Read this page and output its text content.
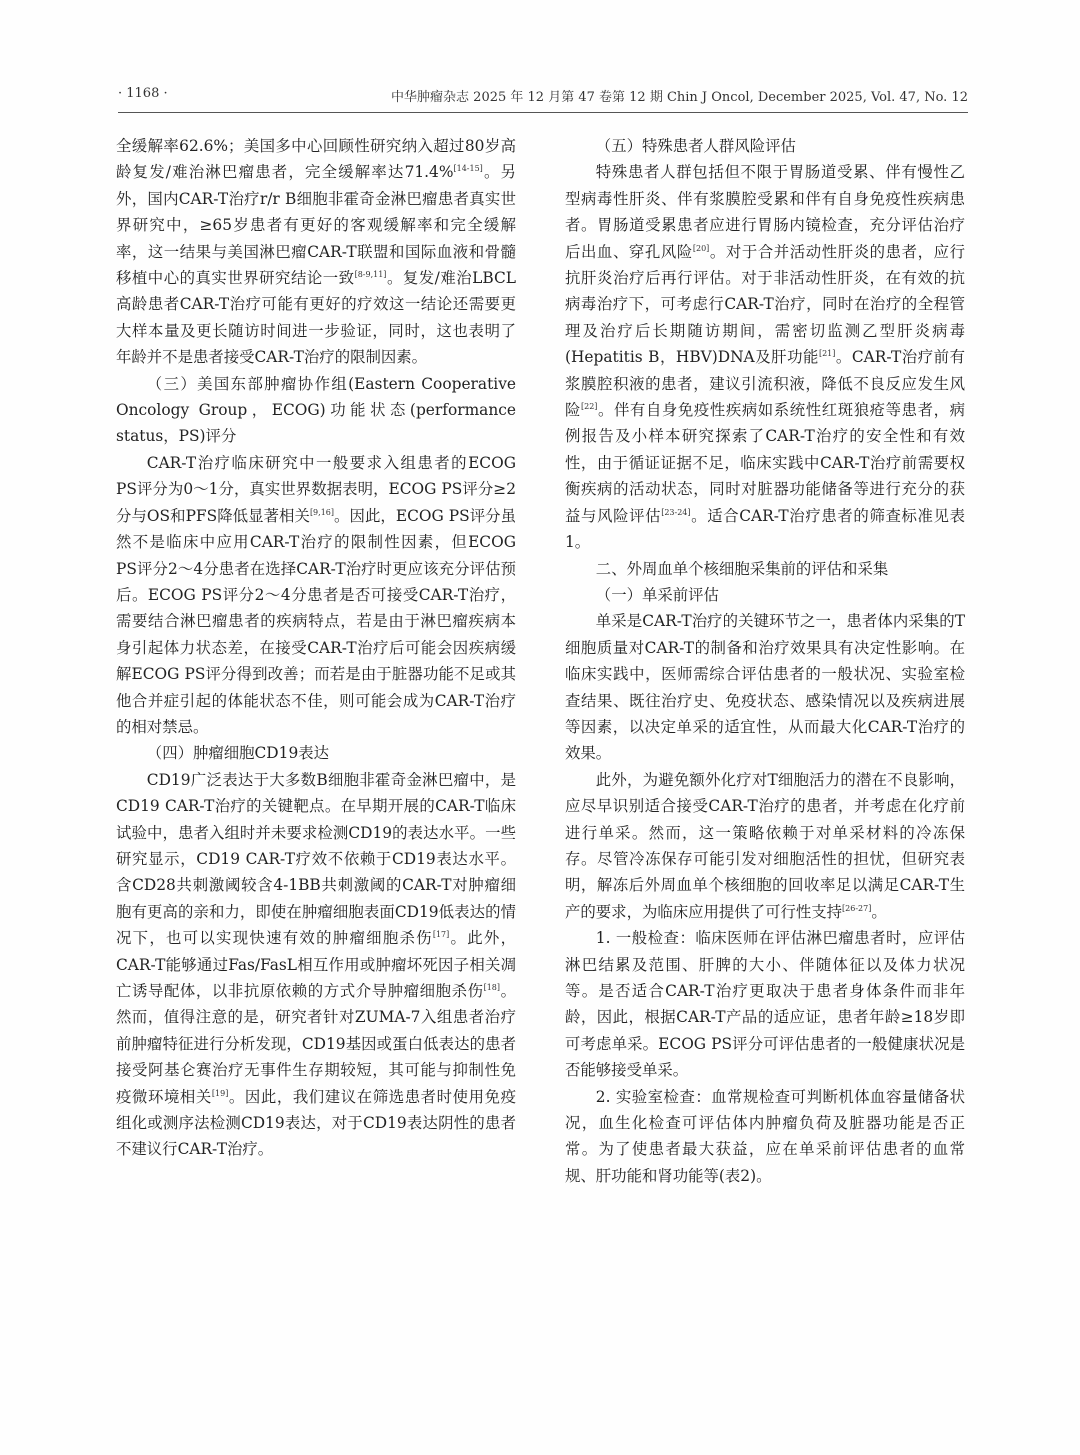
· 1168 ·	中华肿瘤杂志 2025 年 12 月第 47 卷第 12 期 Chin J Oncol, December 2025, Vol. 47, No. 12

全缓解率62.6%；美国多中心回顾性研究纳入超过80岁高龄复发/难治淋巴瘤患者，完全缓解率达71.4%[14-15]。另外，国内CAR-T治疗r/r B细胞非霍奇金淋巴瘤患者真实世界研究中，≥65岁患者有更好的客观缓解率和完全缓解率，这一结果与美国淋巴瘤CAR-T联盟和国际血液和骨髓移植中心的真实世界研究结论一致[8-9,11]。复发/难治LBCL高龄患者CAR-T治疗可能有更好的疗效这一结论还需要更大样本量及更长随访时间进一步验证，同时，这也表明了年龄并不是患者接受CAR-T治疗的限制因素。

（三）美国东部肿瘤协作组(Eastern Cooperative Oncology Group，ECOG)功能状态(performance status，PS)评分

CAR-T治疗临床研究中一般要求入组患者的ECOG PS评分为0～1分，真实世界数据表明，ECOG PS评分≥2分与OS和PFS降低显著相关[9,16]。因此，ECOG PS评分虽然不是临床中应用CAR-T治疗的限制性因素，但ECOG PS评分2～4分患者在选择CAR-T治疗时更应该充分评估预后。ECOG PS评分2～4分患者是否可接受CAR-T治疗，需要结合淋巴瘤患者的疾病特点，若是由于淋巴瘤疾病本身引起体力状态差，在接受CAR-T治疗后可能会因疾病缓解ECOG PS评分得到改善；而若是由于脏器功能不足或其他合并症引起的体能状态不佳，则可能会成为CAR-T治疗的相对禁忌。

（四）肿瘤细胞CD19表达

CD19广泛表达于大多数B细胞非霍奇金淋巴瘤中，是CD19 CAR-T治疗的关键靶点。在早期开展的CAR-T临床试验中，患者入组时并未要求检测CD19的表达水平。一些研究显示，CD19 CAR-T疗效不依赖于CD19表达水平。含CD28共刺激阈较含4-1BB共刺激阈的CAR-T对肿瘤细胞有更高的亲和力，即使在肿瘤细胞表面CD19低表达的情况下，也可以实现快速有效的肿瘤细胞杀伤[17]。此外，CAR-T能够通过Fas/FasL相互作用或肿瘤坏死因子相关凋亡诱导配体，以非抗原依赖的方式介导肿瘤细胞杀伤[18]。然而，值得注意的是，研究者针对ZUMA-7入组患者治疗前肿瘤特征进行分析发现，CD19基因或蛋白低表达的患者接受阿基仑赛治疗无事件生存期较短，其可能与抑制性免疫微环境相关[19]。因此，我们建议在筛选患者时使用免疫组化或测序法检测CD19表达，对于CD19表达阴性的患者不建议行CAR-T治疗。

（五）特殊患者人群风险评估

特殊患者人群包括但不限于胃肠道受累、伴有慢性乙型病毒性肝炎、伴有浆膜腔受累和伴有自身免疫性疾病患者。胃肠道受累患者应进行胃肠内镜检查，充分评估治疗后出血、穿孔风险[20]。对于合并活动性肝炎的患者，应行抗肝炎治疗后再行评估。对于非活动性肝炎，在有效的抗病毒治疗下，可考虑行CAR-T治疗，同时在治疗的全程管理及治疗后长期随访期间，需密切监测乙型肝炎病毒(Hepatitis B，HBV)DNA及肝功能[21]。CAR-T治疗前有浆膜腔积液的患者，建议引流积液，降低不良反应发生风险[22]。伴有自身免疫性疾病如系统性红斑狼疮等患者，病例报告及小样本研究探索了CAR-T治疗的安全性和有效性，由于循证证据不足，临床实践中CAR-T治疗前需要权衡疾病的活动状态，同时对脏器功能储备等进行充分的获益与风险评估[23-24]。适合CAR-T治疗患者的筛查标准见表1。

二、外周血单个核细胞采集前的评估和采集
（一）单采前评估

单采是CAR-T治疗的关键环节之一，患者体内采集的T细胞质量对CAR-T的制备和治疗效果具有决定性影响。在临床实践中，医师需综合评估患者的一般状况、实验室检查结果、既往治疗史、免疫状态、感染情况以及疾病进展等因素，以决定单采的适宜性，从而最大化CAR-T治疗的效果。

此外，为避免额外化疗对T细胞活力的潜在不良影响，应尽早识别适合接受CAR-T治疗的患者，并考虑在化疗前进行单采。然而，这一策略依赖于对单采材料的冷冻保存。尽管冷冻保存可能引发对细胞活性的担忧，但研究表明，解冻后外周血单个核细胞的回收率足以满足CAR-T生产的要求，为临床应用提供了可行性支持[26-27]。

1. 一般检查：临床医师在评估淋巴瘤患者时，应评估淋巴结累及范围、肝脾的大小、伴随体征以及体力状况等。是否适合CAR-T治疗更取决于患者身体条件而非年龄，因此，根据CAR-T产品的适应证，患者年龄≥18岁即可考虑单采。ECOG PS评分可评估患者的一般健康状况是否能够接受单采。

2. 实验室检查：血常规检查可判断机体血容量储备状况，血生化检查可评估体内肿瘤负荷及脏器功能是否正常。为了使患者最大获益，应在单采前评估患者的血常规、肝功能和肾功能等(表2)。
